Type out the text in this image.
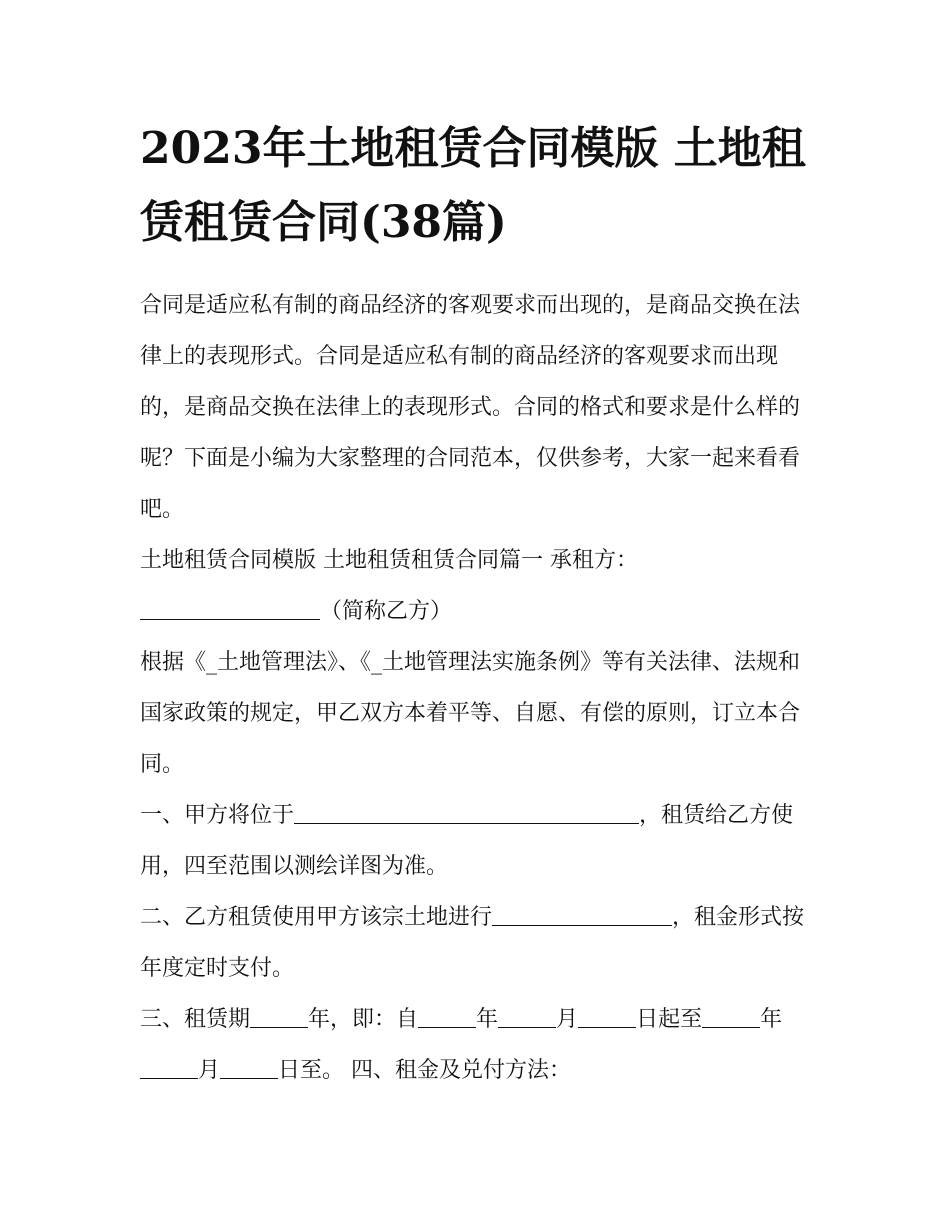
2023年土地租赁合同模版 土地租赁租赁合同(38篇)

合同是适应私有制的商品经济的客观要求而出现的，是商品交换在法律上的表现形式。合同是适应私有制的商品经济的客观要求而出现的，是商品交换在法律上的表现形式。合同的格式和要求是什么样的呢？下面是小编为大家整理的合同范本，仅供参考，大家一起来看看吧。

土地租赁合同模版 土地租赁租赁合同篇一 承租方：

（简称乙方）

根据《_土地管理法》、《_土地管理法实施条例》等有关法律、法规和国家政策的规定，甲乙双方本着平等、自愿、有偿的原则，订立本合同。

一、甲方将位于	，租赁给乙方使用，四至范围以测绘详图为准。

二、乙方租赁使用甲方该宗土地进行	，租金形式按年度定时支付。

三、租赁期	年，即：自	年	月	日起至	年月	日至。 四、租金及兑付方法：
